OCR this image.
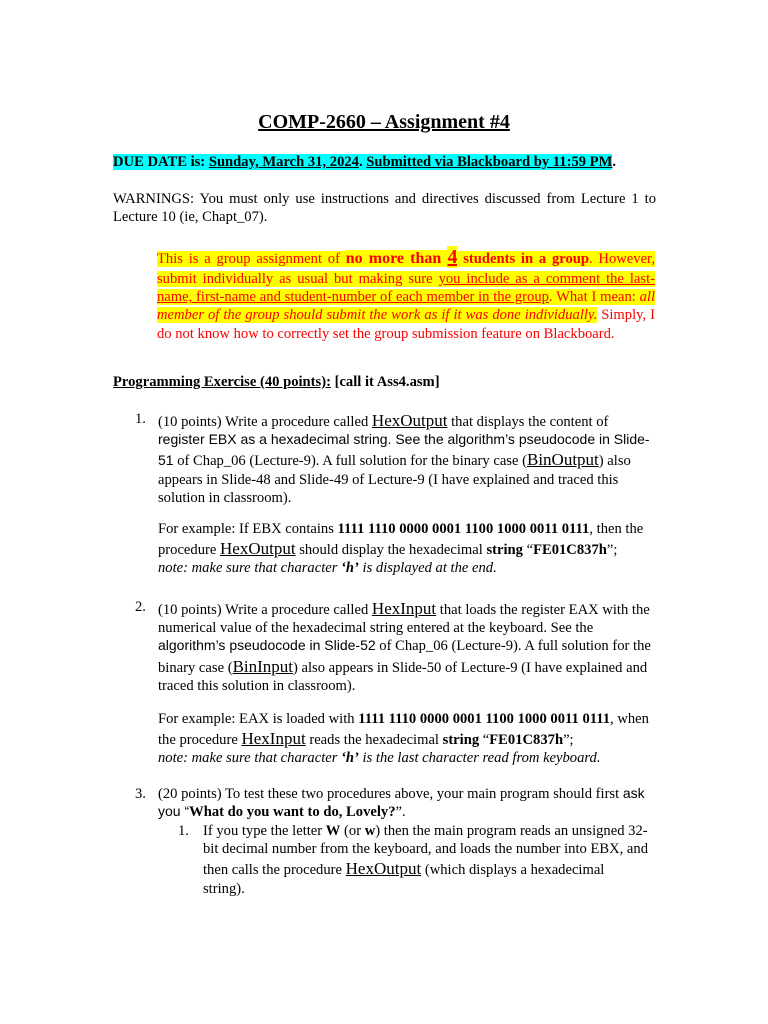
COMP-2660 – Assignment #4
DUE DATE is: Sunday, March 31, 2024. Submitted via Blackboard by 11:59 PM.
WARNINGS: You must only use instructions and directives discussed from Lecture 1 to Lecture 10 (ie, Chapt_07).
This is a group assignment of no more than 4 students in a group. However, submit individually as usual but making sure you include as a comment the last-name, first-name and student-number of each member in the group. What I mean: all member of the group should submit the work as if it was done individually. Simply, I do not know how to correctly set the group submission feature on Blackboard.
Programming Exercise (40 points): [call it Ass4.asm]
1. (10 points) Write a procedure called HexOutput that displays the content of register EBX as a hexadecimal string. See the algorithm’s pseudocode in Slide-51 of Chap_06 (Lecture-9). A full solution for the binary case (BinOutput) also appears in Slide-48 and Slide-49 of Lecture-9 (I have explained and traced this solution in classroom).
For example: If EBX contains 1111 1110 0000 0001 1100 1000 0011 0111, then the procedure HexOutput should display the hexadecimal string “FE01C837h”;
note: make sure that character ‘h’ is displayed at the end.
2. (10 points) Write a procedure called HexInput that loads the register EAX with the numerical value of the hexadecimal string entered at the keyboard. See the algorithm’s pseudocode in Slide-52 of Chap_06 (Lecture-9). A full solution for the binary case (BinInput) also appears in Slide-50 of Lecture-9 (I have explained and traced this solution in classroom).
For example: EAX is loaded with 1111 1110 0000 0001 1100 1000 0011 0111, when the procedure HexInput reads the hexadecimal string “FE01C837h”;
note: make sure that character ‘h’ is the last character read from keyboard.
3. (20 points) To test these two procedures above, your main program should first ask you “What do you want to do, Lovely?”.
1. If you type the letter W (or w) then the main program reads an unsigned 32- bit decimal number from the keyboard, and loads the number into EBX, and then calls the procedure HexOutput (which displays a hexadecimal string).
